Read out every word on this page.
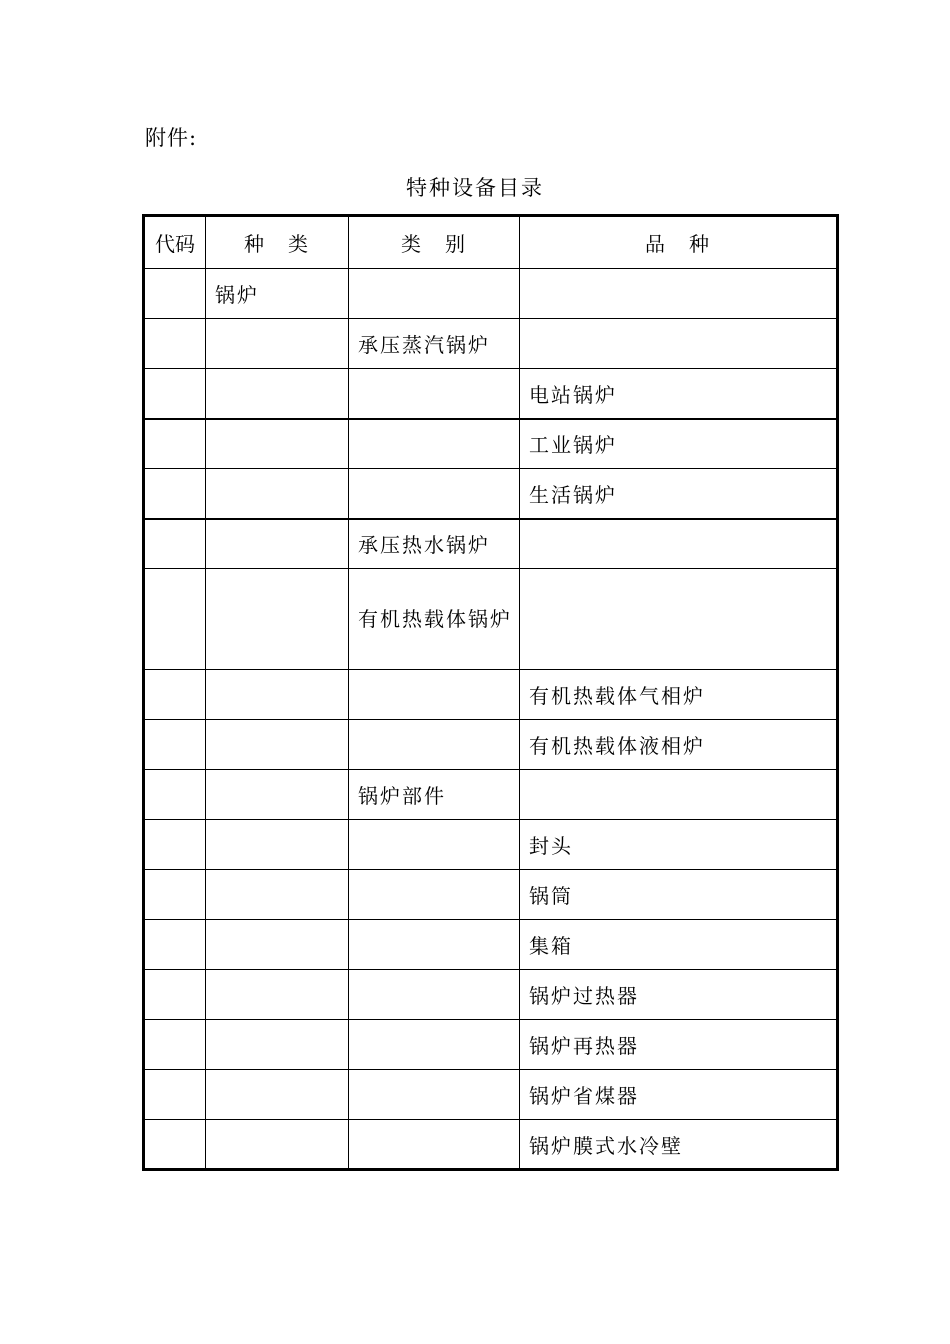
附件:
特种设备目录
代码	种　类	类　别	品　种
	锅炉		
		承压蒸汽锅炉	
			电站锅炉
			工业锅炉
			生活锅炉
		承压热水锅炉	
		有机热载体锅炉	
			有机热载体气相炉
			有机热载体液相炉
		锅炉部件	
			封头
			锅筒
			集箱
			锅炉过热器
			锅炉再热器
			锅炉省煤器
			锅炉膜式水冷壁
